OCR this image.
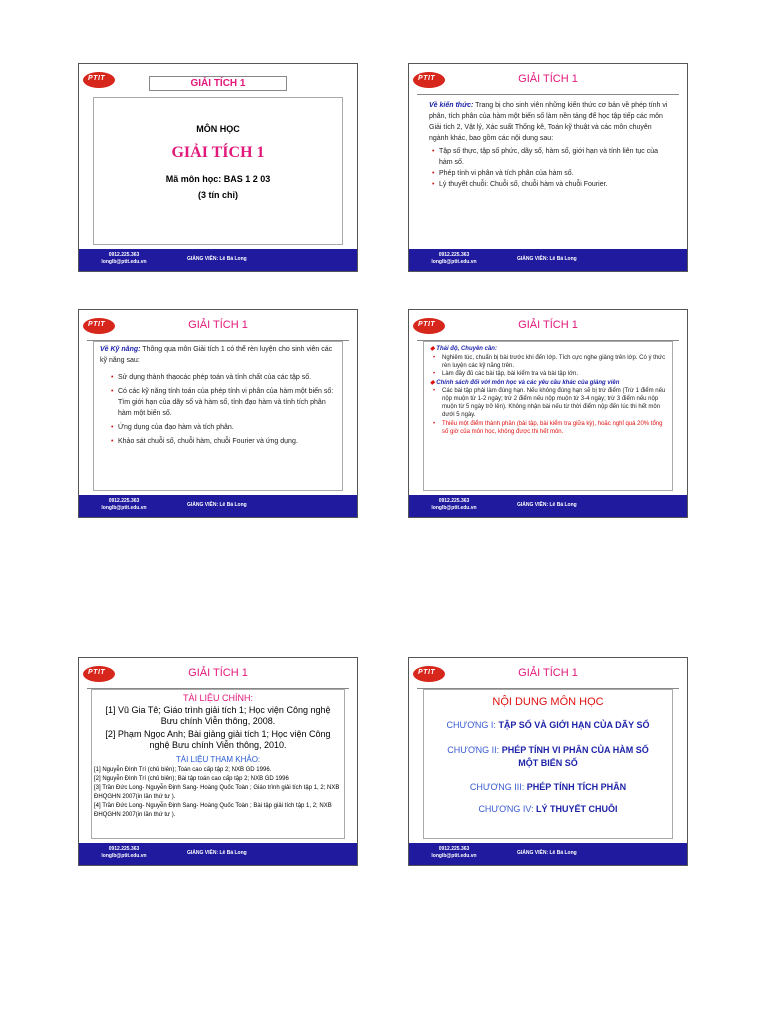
PTIT	GIẢI TÍCH 1
MÔN HỌC
GIẢI TÍCH 1
Mã môn học: BAS 1 2 03
(3 tín chỉ)
0912.225.363
longlb@ptit.edu.vn	GIẢNG VIÊN: Lê Bá Long
PTIT	GIẢI TÍCH 1
Về kiến thức: Trang bị cho sinh viên những kiến thức cơ bản về phép tính vi phân, tích phân của hàm một biến số làm nền tảng để học tập tiếp các môn Giải tích 2, Vật lý, Xác suất Thống kê, Toán kỹ thuật và các môn chuyên ngành khác, bao gồm các nội dung sau:
• Tập số thực, tập số phức, dãy số, hàm số, giới hạn và tính liên tục của hàm số.
• Phép tính vi phân và tích phân của hàm số.
• Lý thuyết chuỗi: Chuỗi số, chuỗi hàm và chuỗi Fourier.
0912.225.363
longlb@ptit.edu.vn	GIẢNG VIÊN: Lê Bá Long
PTIT	GIẢI TÍCH 1
Về Kỹ năng: Thông qua môn Giải tích 1 có thể rèn luyện cho sinh viên các kỹ năng sau:
• Sử dụng thành thạocác phép toán và tính chất của các tập số.
• Có các kỹ năng tính toán của phép tính vi phân của hàm một biến số: Tìm giới hạn của dãy số và hàm số, tính đạo hàm và tính tích phân hàm một biến số.
• Ứng dụng của đạo hàm và tích phân.
• Khảo sát chuỗi số, chuỗi hàm, chuỗi Fourier và ứng dụng.
0912.225.363
longlb@ptit.edu.vn	GIẢNG VIÊN: Lê Bá Long
PTIT	GIẢI TÍCH 1
◆ Thái độ, Chuyên cần:
• Nghiêm túc, chuẩn bị bài trước khi đến lớp. Tích cực nghe giảng trên lớp. Có ý thức rèn luyện các kỹ năng trên.
• Làm đầy đủ các bài tập, bài kiểm tra và bài tập lớn.
◆ Chính sách đối với môn học và các yêu cầu khác của giảng viên
• Các bài tập phải làm đúng hạn. Nếu không đúng hạn sẽ bị trừ điểm (Trừ 1 điểm nếu nộp muộn từ 1-2 ngày; trừ 2 điểm nếu nộp muộn từ 3-4 ngày; trừ 3 điểm nếu nộp muộn từ 5 ngày trở lên). Không nhận bài nếu từ thời điểm nộp đến lúc thi hết môn dưới 5 ngày.
• Thiếu một điểm thành phần (bài tập, bài kiểm tra giữa kỳ), hoặc nghỉ quá 20% tổng số giờ của môn học, không được thi hết môn.
0912.225.363
longlb@ptit.edu.vn	GIẢNG VIÊN: Lê Bá Long
PTIT	GIẢI TÍCH 1
TÀI LIỆU CHÍNH:
[1] Vũ Gia Tê; Giáo trình giải tích 1; Học viện Công nghệ Bưu chính Viễn thông, 2008.
[2] Phạm Ngọc Anh; Bài giảng giải tích 1; Học viện Công nghệ Bưu chính Viễn thông, 2010.
TÀI LIỆU THAM KHẢO:
[1] Nguyễn Đình Trí (chủ biên); Toán cao cấp tập 2; NXB GD 1996.
[2] Nguyễn Đình Trí (chủ biên); Bài tập toán cao cấp tập 2; NXB GD 1996
[3] Trần Đức Long- Nguyễn Định Sang- Hoàng Quốc Toàn ; Giáo trình giải tích tập 1, 2; NXB ĐHQGHN 2007(in lần thứ tư ).
[4] Trần Đức Long- Nguyễn Định Sang- Hoàng Quốc Toàn ; Bài tập giải tích tập 1, 2; NXB ĐHQGHN 2007(in lần thứ tư ).
0912.225.363
longlb@ptit.edu.vn	GIẢNG VIÊN: Lê Bá Long
PTIT	GIẢI TÍCH 1
NỘI DUNG MÔN HỌC
CHƯƠNG I: TẬP SỐ VÀ GIỚI HẠN CỦA DÃY SỐ
CHƯƠNG II: PHÉP TÍNH VI PHÂN CỦA HÀM SỐ MỘT BIẾN SỐ
CHƯƠNG III: PHÉP TÍNH TÍCH PHÂN
CHƯƠNG IV: LÝ THUYẾT CHUỖI
0912.225.363
longlb@ptit.edu.vn	GIẢNG VIÊN: Lê Bá Long
